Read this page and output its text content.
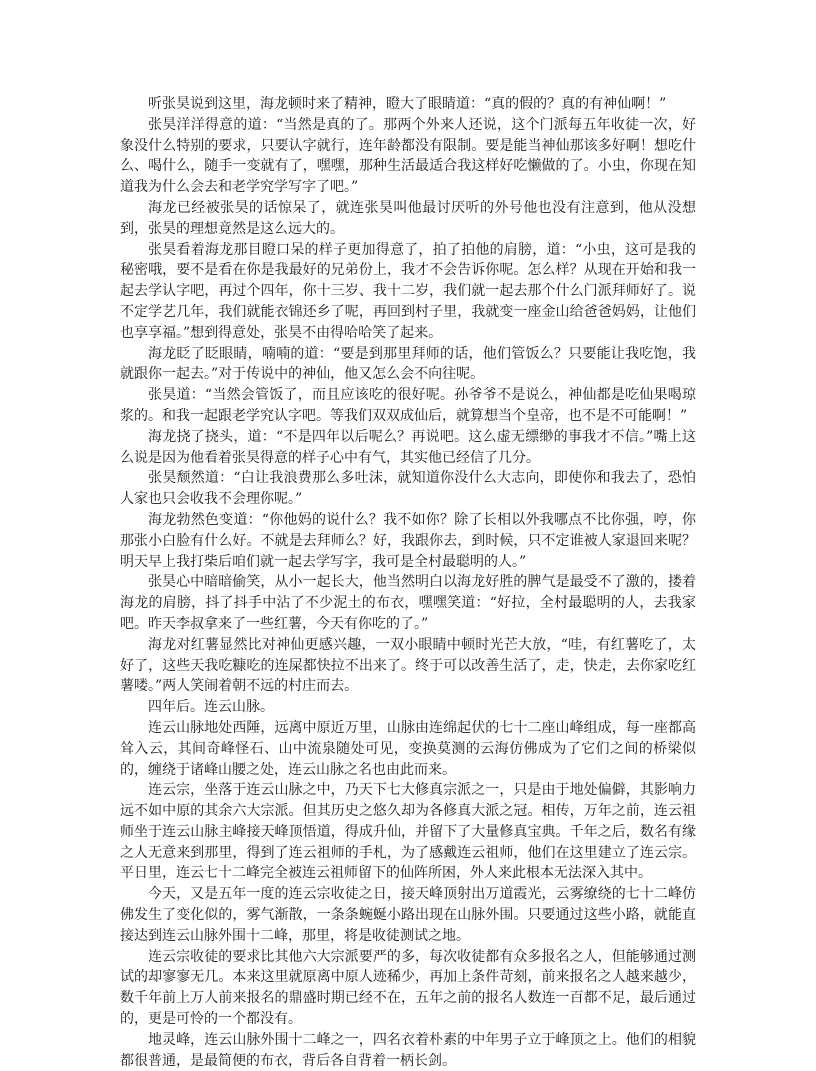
听张昊说到这里，海龙顿时来了精神，瞪大了眼睛道：“真的假的？真的有神仙啊！”

张昊洋洋得意的道：“当然是真的了。那两个外来人还说，这个门派每五年收徒一次，好象没什么特别的要求，只要认字就行，连年龄都没有限制。要是能当神仙那该多好啊！想吃什么、喝什么，随手一变就有了，嘿嘿，那种生活最适合我这样好吃懒做的了。小虫，你现在知道我为什么会去和老学究学写字了吧。”

海龙已经被张昊的话惊呆了，就连张昊叫他最讨厌听的外号他也没有注意到，他从没想到，张昊的理想竟然是这么远大的。

张昊看着海龙那目瞪口呆的样子更加得意了，拍了拍他的肩膀，道：“小虫，这可是我的秘密哦，要不是看在你是我最好的兄弟份上，我才不会告诉你呢。怎么样？从现在开始和我一起去学认字吧，再过个四年，你十三岁、我十二岁，我们就一起去那个什么门派拜师好了。说不定学艺几年，我们就能衣锦还乡了呢，再回到村子里，我就变一座金山给爸爸妈妈，让他们也享享福。”想到得意处，张昊不由得哈哈笑了起来。

海龙眨了眨眼睛，喃喃的道：“要是到那里拜师的话，他们管饭么？只要能让我吃饱，我就跟你一起去。”对于传说中的神仙，他又怎么会不向往呢。

张昊道：“当然会管饭了，而且应该吃的很好呢。孙爷爷不是说么，神仙都是吃仙果喝琼浆的。和我一起跟老学究认字吧。等我们双双成仙后，就算想当个皇帝，也不是不可能啊！”

海龙挠了挠头，道：“不是四年以后呢么？再说吧。这么虚无缥缈的事我才不信。”嘴上这么说是因为他看着张昊得意的样子心中有气，其实他已经信了几分。

张昊颓然道：“白让我浪费那么多吐沫，就知道你没什么大志向，即使你和我去了，恐怕人家也只会收我不会理你呢。”

海龙勃然色变道：“你他妈的说什么？我不如你？除了长相以外我哪点不比你强，哼，你那张小白脸有什么好。不就是去拜师么？好，我跟你去，到时候，只不定谁被人家退回来呢？明天早上我打柴后咱们就一起去学写字，我可是全村最聪明的人。”

张昊心中暗暗偷笑，从小一起长大，他当然明白以海龙好胜的脾气是最受不了激的，搂着海龙的肩膀，抖了抖手中沾了不少泥土的布衣，嘿嘿笑道：“好拉，全村最聪明的人，去我家吧。昨天李叔拿来了一些红薯，今天有你吃的了。”

海龙对红薯显然比对神仙更感兴趣，一双小眼睛中顿时光芒大放，“哇，有红薯吃了，太好了，这些天我吃糠吃的连屎都快拉不出来了。终于可以改善生活了，走，快走，去你家吃红薯喽。”两人笑闹着朝不远的村庄而去。

四年后。连云山脉。

连云山脉地处西陲，远离中原近万里，山脉由连绵起伏的七十二座山峰组成，每一座都高耸入云，其间奇峰怪石、山中流泉随处可见，变换莫测的云海仿佛成为了它们之间的桥梁似的，缠绕于诸峰山腰之处，连云山脉之名也由此而来。

连云宗，坐落于连云山脉之中，乃天下七大修真宗派之一，只是由于地处偏僻，其影响力远不如中原的其余六大宗派。但其历史之悠久却为各修真大派之冠。相传，万年之前，连云祖师坐于连云山脉主峰接天峰顶悟道，得成升仙，并留下了大量修真宝典。千年之后，数名有缘之人无意来到那里，得到了连云祖师的手札，为了感戴连云祖师，他们在这里建立了连云宗。平日里，连云七十二峰完全被连云祖师留下的仙阵所困，外人来此根本无法深入其中。

今天，又是五年一度的连云宗收徒之日，接天峰顶射出万道霞光，云雾缭绕的七十二峰仿佛发生了变化似的，雾气渐散，一条条蜿蜒小路出现在山脉外围。只要通过这些小路，就能直接达到连云山脉外围十二峰，那里，将是收徒测试之地。

连云宗收徒的要求比其他六大宗派要严的多，每次收徒都有众多报名之人，但能够通过测试的却寥寥无几。本来这里就原离中原人迹稀少，再加上条件苛刻，前来报名之人越来越少，数千年前上万人前来报名的鼎盛时期已经不在，五年之前的报名人数连一百都不足，最后通过的，更是可怜的一个都没有。

地灵峰，连云山脉外围十二峰之一，四名衣着朴素的中年男子立于峰顶之上。他们的相貌都很普通，是最简便的布衣，背后各自背着一柄长剑。
